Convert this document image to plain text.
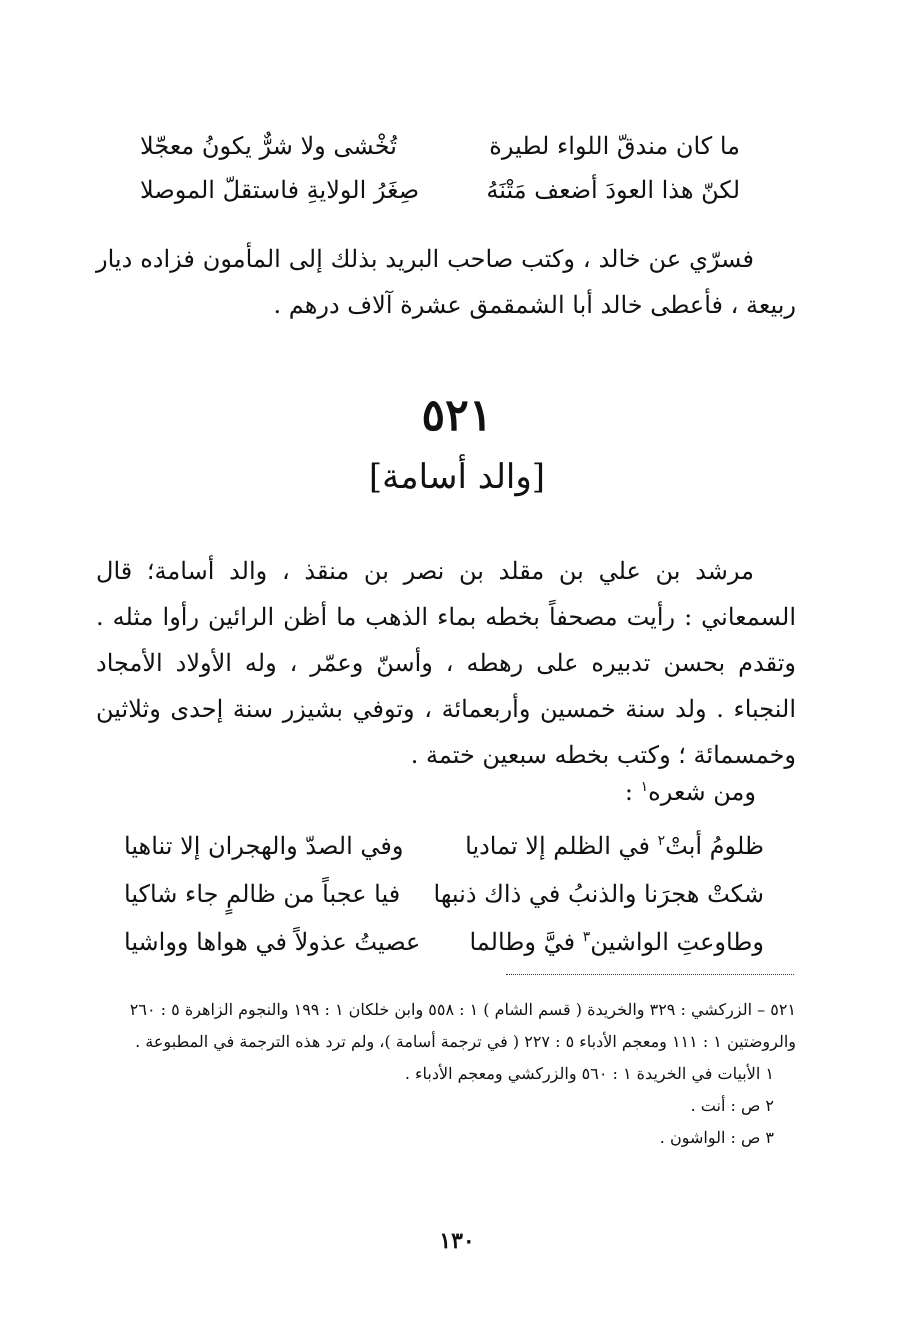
ما كان مندقّ اللواء لطيرة
تُخْشى ولا شرٌّ يكونُ معجّلا
لكنّ هذا العودَ أضعف مَتْنَهُ
صِغَرُ الولايةِ فاستقلّ الموصلا

فسرّي عن خالد ، وكتب صاحب البريد بذلك إلى المأمون فزاده ديار ربيعة ، فأعطى خالد أبا الشمقمق عشرة آلاف درهم .

٥٢١
[والد أسامة]

مرشد بن علي بن مقلد بن نصر بن منقذ ، والد أسامة؛ قال السمعاني : رأيت مصحفاً بخطه بماء الذهب ما أظن الرائين رأوا مثله . وتقدم بحسن تدبيره على رهطه ، وأسنّ وعمّر ، وله الأولاد الأمجاد النجباء . ولد سنة خمسين وأربعمائة ، وتوفي بشيزر سنة إحدى وثلاثين وخمسمائة ؛ وكتب بخطه سبعين ختمة .

ومن شعره$^١$ :
ظلومُ أبتْ$^٢$ في الظلم إلا تماديا
وفي الصدّ والهجران إلا تناهيا
شكتْ هجرَنا والذنبُ في ذاك ذنبها
فيا عجباً من ظالمٍ جاء شاكيا
وطاوعتِ الواشين$^٣$ فيَّ وطالما
عصيتُ عذولاً في هواها وواشيا

٥٢١ – الزركشي : ٣٢٩ والخريدة ( قسم الشام ) ١ : ٥٥٨ وابن خلكان ١ : ١٩٩ والنجوم الزاهرة ٥ : ٢٦٠ والروضتين ١ : ١١١ ومعجم الأدباء ٥ : ٢٢٧ ( في ترجمة أسامة )، ولم ترد هذه الترجمة في المطبوعة .

١ الأبيات في الخريدة ١ : ٥٦٠ والزركشي ومعجم الأدباء .

٢ ص : أنت .

٣ ص : الواشون .

١٣٠
